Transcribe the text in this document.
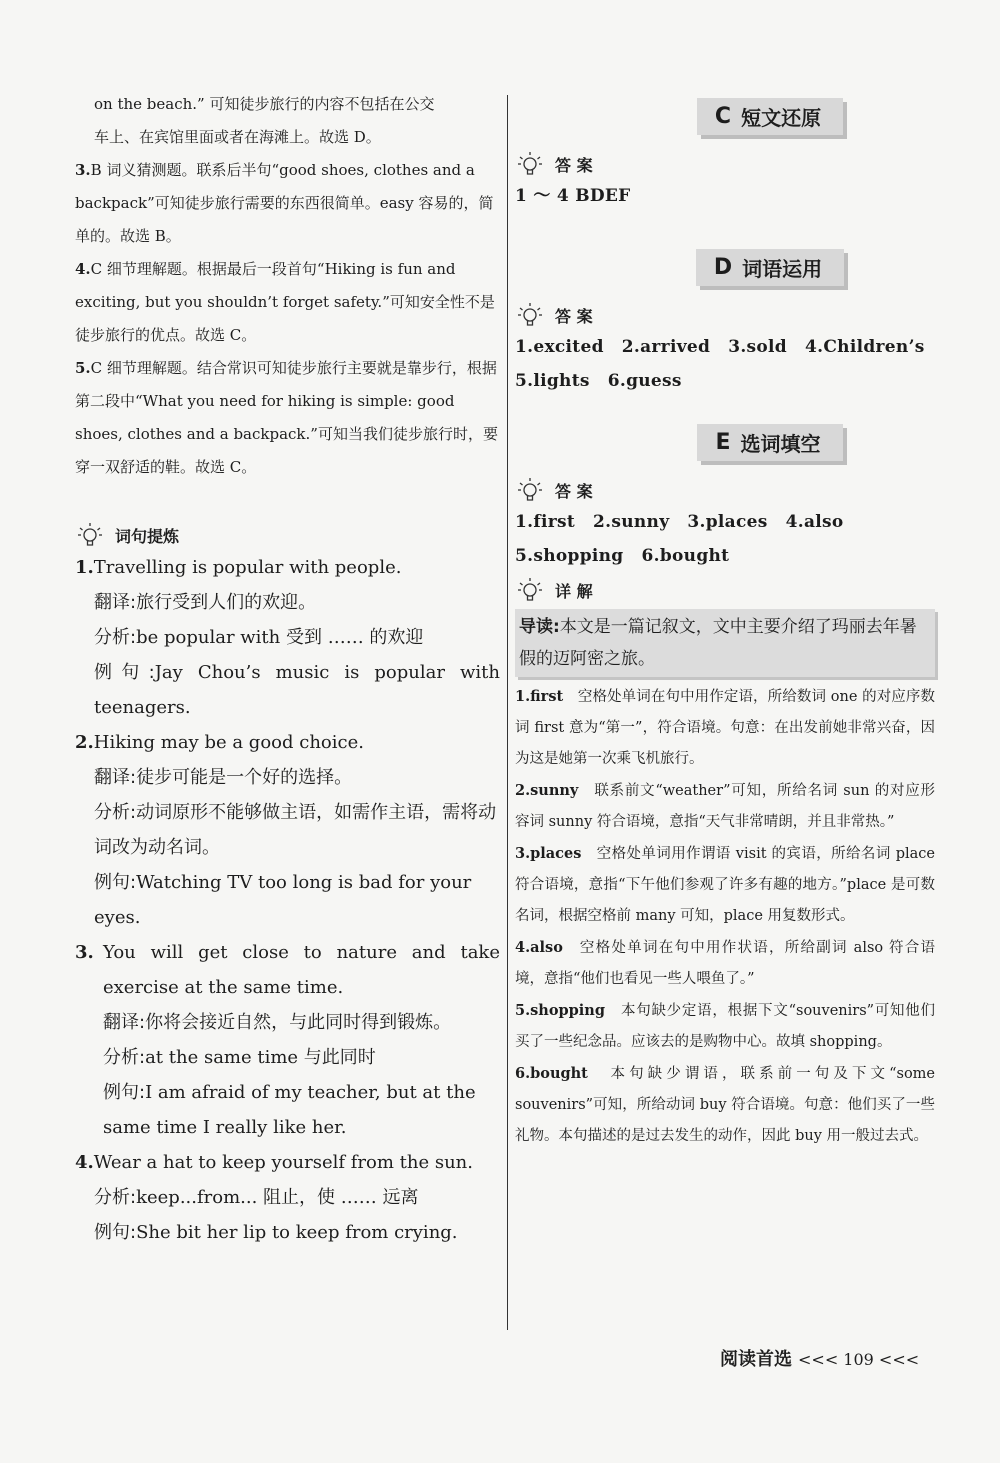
on the beach.” 可知徒步旅行的内容不包括在公交

车上、在宾馆里面或者在海滩上。故选 D。

3.B 词义猜测题。联系后半句“good shoes, clothes and a backpack”可知徒步旅行需要的东西很简单。easy 容易的，简单的。故选 B。

4.C 细节理解题。根据最后一段首句“Hiking is fun and exciting, but you shouldn’t forget safety.”可知安全性不是徒步旅行的优点。故选 C。

5.C 细节理解题。结合常识可知徒步旅行主要就是靠步行，根据第二段中“What you need for hiking is simple: good shoes, clothes and a backpack.”可知当我们徒步旅行时，要穿一双舒适的鞋。故选 C。

词句提炼

1.Travelling is popular with people.

翻译:旅行受到人们的欢迎。

分析:be popular with 受到 …… 的欢迎

例句:Jay Chou’s music is popular with teenagers.

2.Hiking may be a good choice.

翻译:徒步可能是一个好的选择。

分析:动词原形不能够做主语，如需作主语，需将动词改为动名词。

例句:Watching TV too long is bad for your eyes.

3. You will get close to nature and take exercise at the same time.

翻译:你将会接近自然，与此同时得到锻炼。

分析:at the same time 与此同时

例句:I am afraid of my teacher, but at the same time I really like her.

4.Wear a hat to keep yourself from the sun.

分析:keep...from... 阻止，使 …… 远离

例句:She bit her lip to keep from crying.

C 短文还原
答 案

1 ～ 4 BDEF

D 词语运用
答 案

1.excited 2.arrived 3.sold 4.Children’s

5.lights 6.guess

E 选词填空
答 案

1.first 2.sunny 3.places 4.also

5.shopping 6.bought

详 解
导读:本文是一篇记叙文，文中主要介绍了玛丽去年暑假的迈阿密之旅。

1.first　 空格处单词在句中用作定语，所给数词 one 的对应序数词 first 意为“第一”，符合语境。句意：在出发前她非常兴奋，因为这是她第一次乘飞机旅行。

2.sunny　 联系前文“weather”可知，所给名词 sun 的对应形容词 sunny 符合语境，意指“天气非常晴朗，并且非常热。”

3.places　 空格处单词用作谓语 visit 的宾语，所给名词 place 符合语境，意指“下午他们参观了许多有趣的地方。”place 是可数名词，根据空格前 many 可知，place 用复数形式。

4.also　 空格处单词在句中用作状语，所给副词 also 符合语境，意指“他们也看见一些人喂鱼了。”

5.shopping　 本句缺少定语，根据下文“souvenirs”可知他们买了一些纪念品。应该去的是购物中心。故填 shopping。

6.bought　 本句缺少谓语，联系前一句及下文“some souvenirs”可知，所给动词 buy 符合语境。句意：他们买了一些礼物。本句描述的是过去发生的动作，因此 buy 用一般过去式。

阅读首选 <<< 109 <<<
